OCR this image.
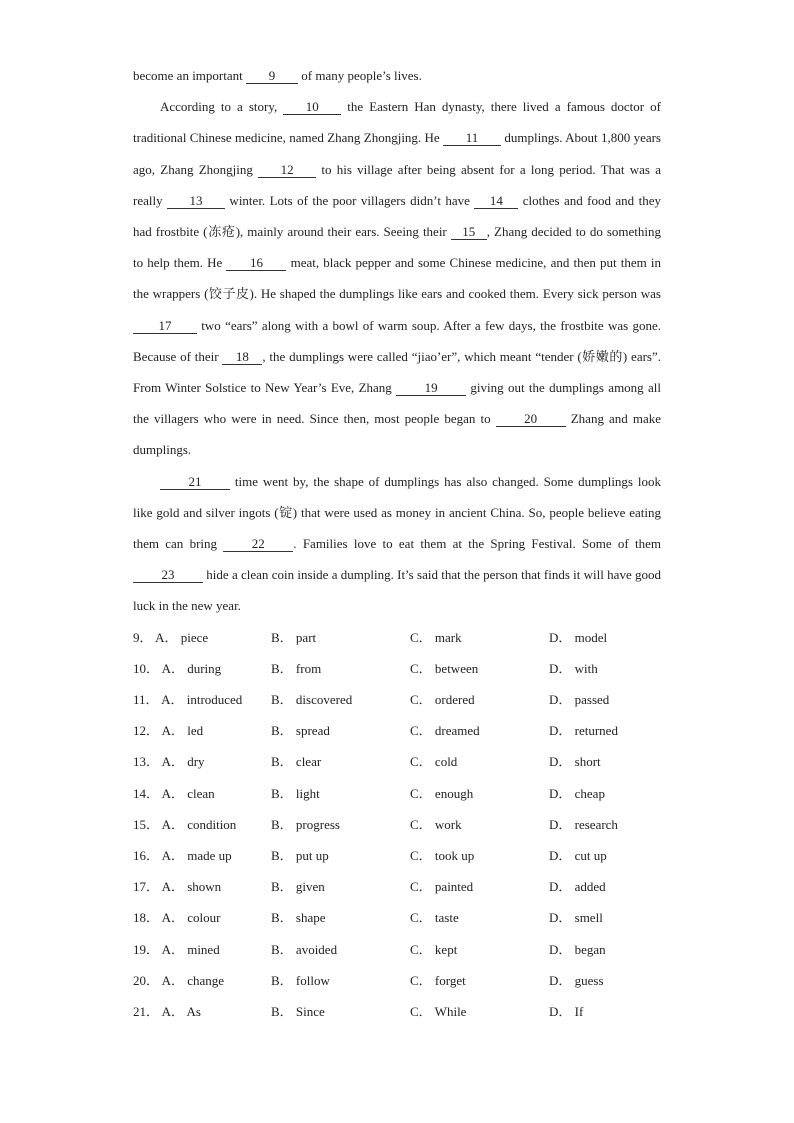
become an important 9 of many people’s lives.

According to a story, 10 the Eastern Han dynasty, there lived a famous doctor of traditional Chinese medicine, named Zhang Zhongjing. He 11 dumplings. About 1,800 years ago, Zhang Zhongjing 12 to his village after being absent for a long period. That was a really 13 winter. Lots of the poor villagers didn’t have 14 clothes and food and they had frostbite (冻疮), mainly around their ears. Seeing their 15 , Zhang decided to do something to help them. He 16 meat, black pepper and some Chinese medicine, and then put them in the wrappers (饺子皮). He shaped the dumplings like ears and cooked them. Every sick person was 17 two “ears” along with a bowl of warm soup. After a few days, the frostbite was gone. Because of their 18 , the dumplings were called “jiao’er”, which meant “tender (娇嫩的) ears”. From Winter Solstice to New Year’s Eve, Zhang 19 giving out the dumplings among all the villagers who were in need. Since then, most people began to 20 Zhang and make dumplings.

21 time went by, the shape of dumplings has also changed. Some dumplings look like gold and silver ingots (锭) that were used as money in ancient China. So, people believe eating them can bring 22 . Families love to eat them at the Spring Festival. Some of them 23 hide a clean coin inside a dumpling. It’s said that the person that finds it will have good luck in the new year.

9． A． piece	B． part	C． mark	D． model
10． A． during	B． from	C． between	D． with
11． A． introduced	B． discovered	C． ordered	D． passed
12． A． led	B． spread	C． dreamed	D． returned
13． A． dry	B． clear	C． cold	D． short
14． A． clean	B． light	C． enough	D． cheap
15． A． condition	B． progress	C． work	D． research
16． A． made up	B． put up	C． took up	D． cut up
17． A． shown	B． given	C． painted	D． added
18． A． colour	B． shape	C． taste	D． smell
19． A． mined	B． avoided	C． kept	D． began
20． A． change	B． follow	C． forget	D． guess
21． A． As	B． Since	C． While	D． If
